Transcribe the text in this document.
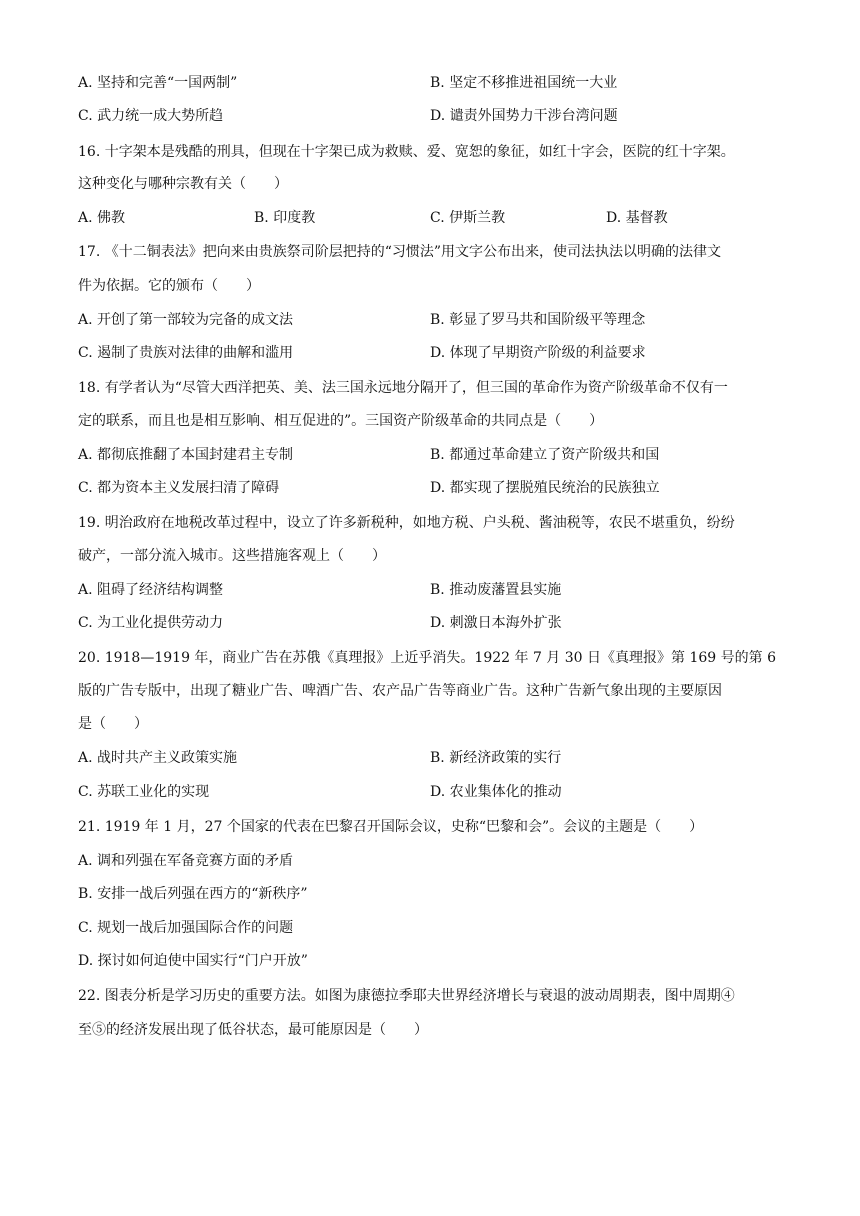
A. 坚持和完善“一国两制”	B. 坚定不移推进祖国统一大业
C. 武力统一成大势所趋	D. 谴责外国势力干涉台湾问题
16. 十字架本是残酷的刑具，但现在十字架已成为救赎、爱、宽恕的象征，如红十字会，医院的红十字架。
这种变化与哪种宗教有关（　　）
A. 佛教	B. 印度教	C. 伊斯兰教	D. 基督教
17. 《十二铜表法》把向来由贵族祭司阶层把持的“习惯法”用文字公布出来，使司法执法以明确的法律文
件为依据。它的颁布（　　）
A. 开创了第一部较为完备的成文法	B. 彰显了罗马共和国阶级平等理念
C. 遏制了贵族对法律的曲解和滥用	D. 体现了早期资产阶级的利益要求
18. 有学者认为“尽管大西洋把英、美、法三国永远地分隔开了，但三国的革命作为资产阶级革命不仅有一
定的联系，而且也是相互影响、相互促进的”。三国资产阶级革命的共同点是（　　）
A. 都彻底推翻了本国封建君主专制	B. 都通过革命建立了资产阶级共和国
C. 都为资本主义发展扫清了障碍	D. 都实现了摆脱殖民统治的民族独立
19. 明治政府在地税改革过程中，设立了许多新税种，如地方税、户头税、酱油税等，农民不堪重负，纷纷
破产，一部分流入城市。这些措施客观上（　　）
A. 阻碍了经济结构调整	B. 推动废藩置县实施
C. 为工业化提供劳动力	D. 刺激日本海外扩张
20. 1918—1919 年，商业广告在苏俄《真理报》上近乎消失。1922 年 7 月 30 日《真理报》第 169 号的第 6
版的广告专版中，出现了糖业广告、啤酒广告、农产品广告等商业广告。这种广告新气象出现的主要原因
是（　　）
A. 战时共产主义政策实施	B. 新经济政策的实行
C. 苏联工业化的实现	D. 农业集体化的推动
21. 1919 年 1 月，27 个国家的代表在巴黎召开国际会议，史称“巴黎和会”。会议的主题是（　　）
A. 调和列强在军备竞赛方面的矛盾
B. 安排一战后列强在西方的“新秩序”
C. 规划一战后加强国际合作的问题
D. 探讨如何迫使中国实行“门户开放”
22. 图表分析是学习历史的重要方法。如图为康德拉季耶夫世界经济增长与衰退的波动周期表，图中周期④
至⑤的经济发展出现了低谷状态，最可能原因是（　　）
